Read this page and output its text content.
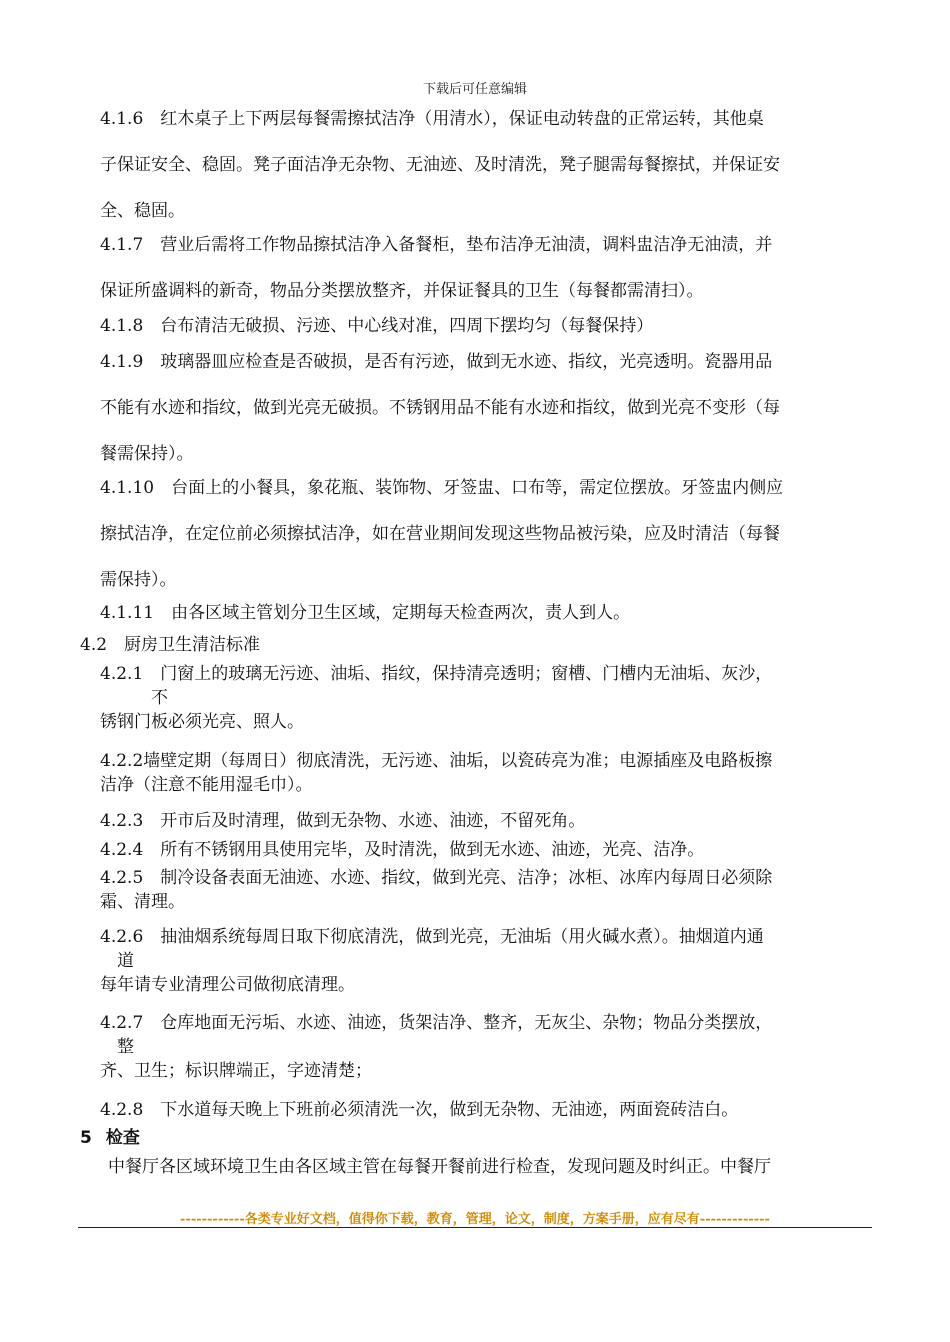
下载后可任意编辑
4.1.6　红木桌子上下两层每餐需擦拭洁净（用清水），保证电动转盘的正常运转，其他桌
子保证安全、稳固。凳子面洁净无杂物、无油迹、及时清洗，凳子腿需每餐擦拭，并保证安
全、稳固。
4.1.7　营业后需将工作物品擦拭洁净入备餐柜，垫布洁净无油渍，调料盅洁净无油渍，并
保证所盛调料的新奇，物品分类摆放整齐，并保证餐具的卫生（每餐都需清扫）。
4.1.8　台布清洁无破损、污迹、中心线对准，四周下摆均匀（每餐保持）
4.1.9　玻璃器皿应检查是否破损，是否有污迹，做到无水迹、指纹，光亮透明。瓷器用品
不能有水迹和指纹，做到光亮无破损。不锈钢用品不能有水迹和指纹，做到光亮不变形（每
餐需保持）。
4.1.10　台面上的小餐具，象花瓶、装饰物、牙签盅、口布等，需定位摆放。牙签盅内侧应
擦拭洁净，在定位前必须擦拭洁净，如在营业期间发现这些物品被污染，应及时清洁（每餐
需保持）。
4.1.11　由各区域主管划分卫生区域，定期每天检查两次，责人到人。
4.2　厨房卫生清洁标准
4.2.1　门窗上的玻璃无污迹、油垢、指纹，保持清亮透明；窗槽、门槽内无油垢、灰沙，
　　　不
锈钢门板必须光亮、照人。
4.2.2墙壁定期（每周日）彻底清洗，无污迹、油垢，以瓷砖亮为准；电源插座及电路板擦
洁净（注意不能用湿毛巾）。
4.2.3　开市后及时清理，做到无杂物、水迹、油迹，不留死角。
4.2.4　所有不锈钢用具使用完毕，及时清洗，做到无水迹、油迹，光亮、洁净。
4.2.5　制冷设备表面无油迹、水迹、指纹，做到光亮、洁净；冰柜、冰库内每周日必须除
霜、清理。
4.2.6　抽油烟系统每周日取下彻底清洗，做到光亮，无油垢（用火碱水煮）。抽烟道内通
　道
每年请专业清理公司做彻底清理。
4.2.7　仓库地面无污垢、水迹、油迹，货架洁净、整齐，无灰尘、杂物；物品分类摆放，
　整
齐、卫生；标识牌端正，字迹清楚；
4.2.8　下水道每天晚上下班前必须清洗一次，做到无杂物、无油迹，两面瓷砖洁白。
5 检查
中餐厅各区域环境卫生由各区域主管在每餐开餐前进行检查，发现问题及时纠正。中餐厅
------------各类专业好文档，值得你下载，教育，管理，论文，制度，方案手册，应有尽有-------------
